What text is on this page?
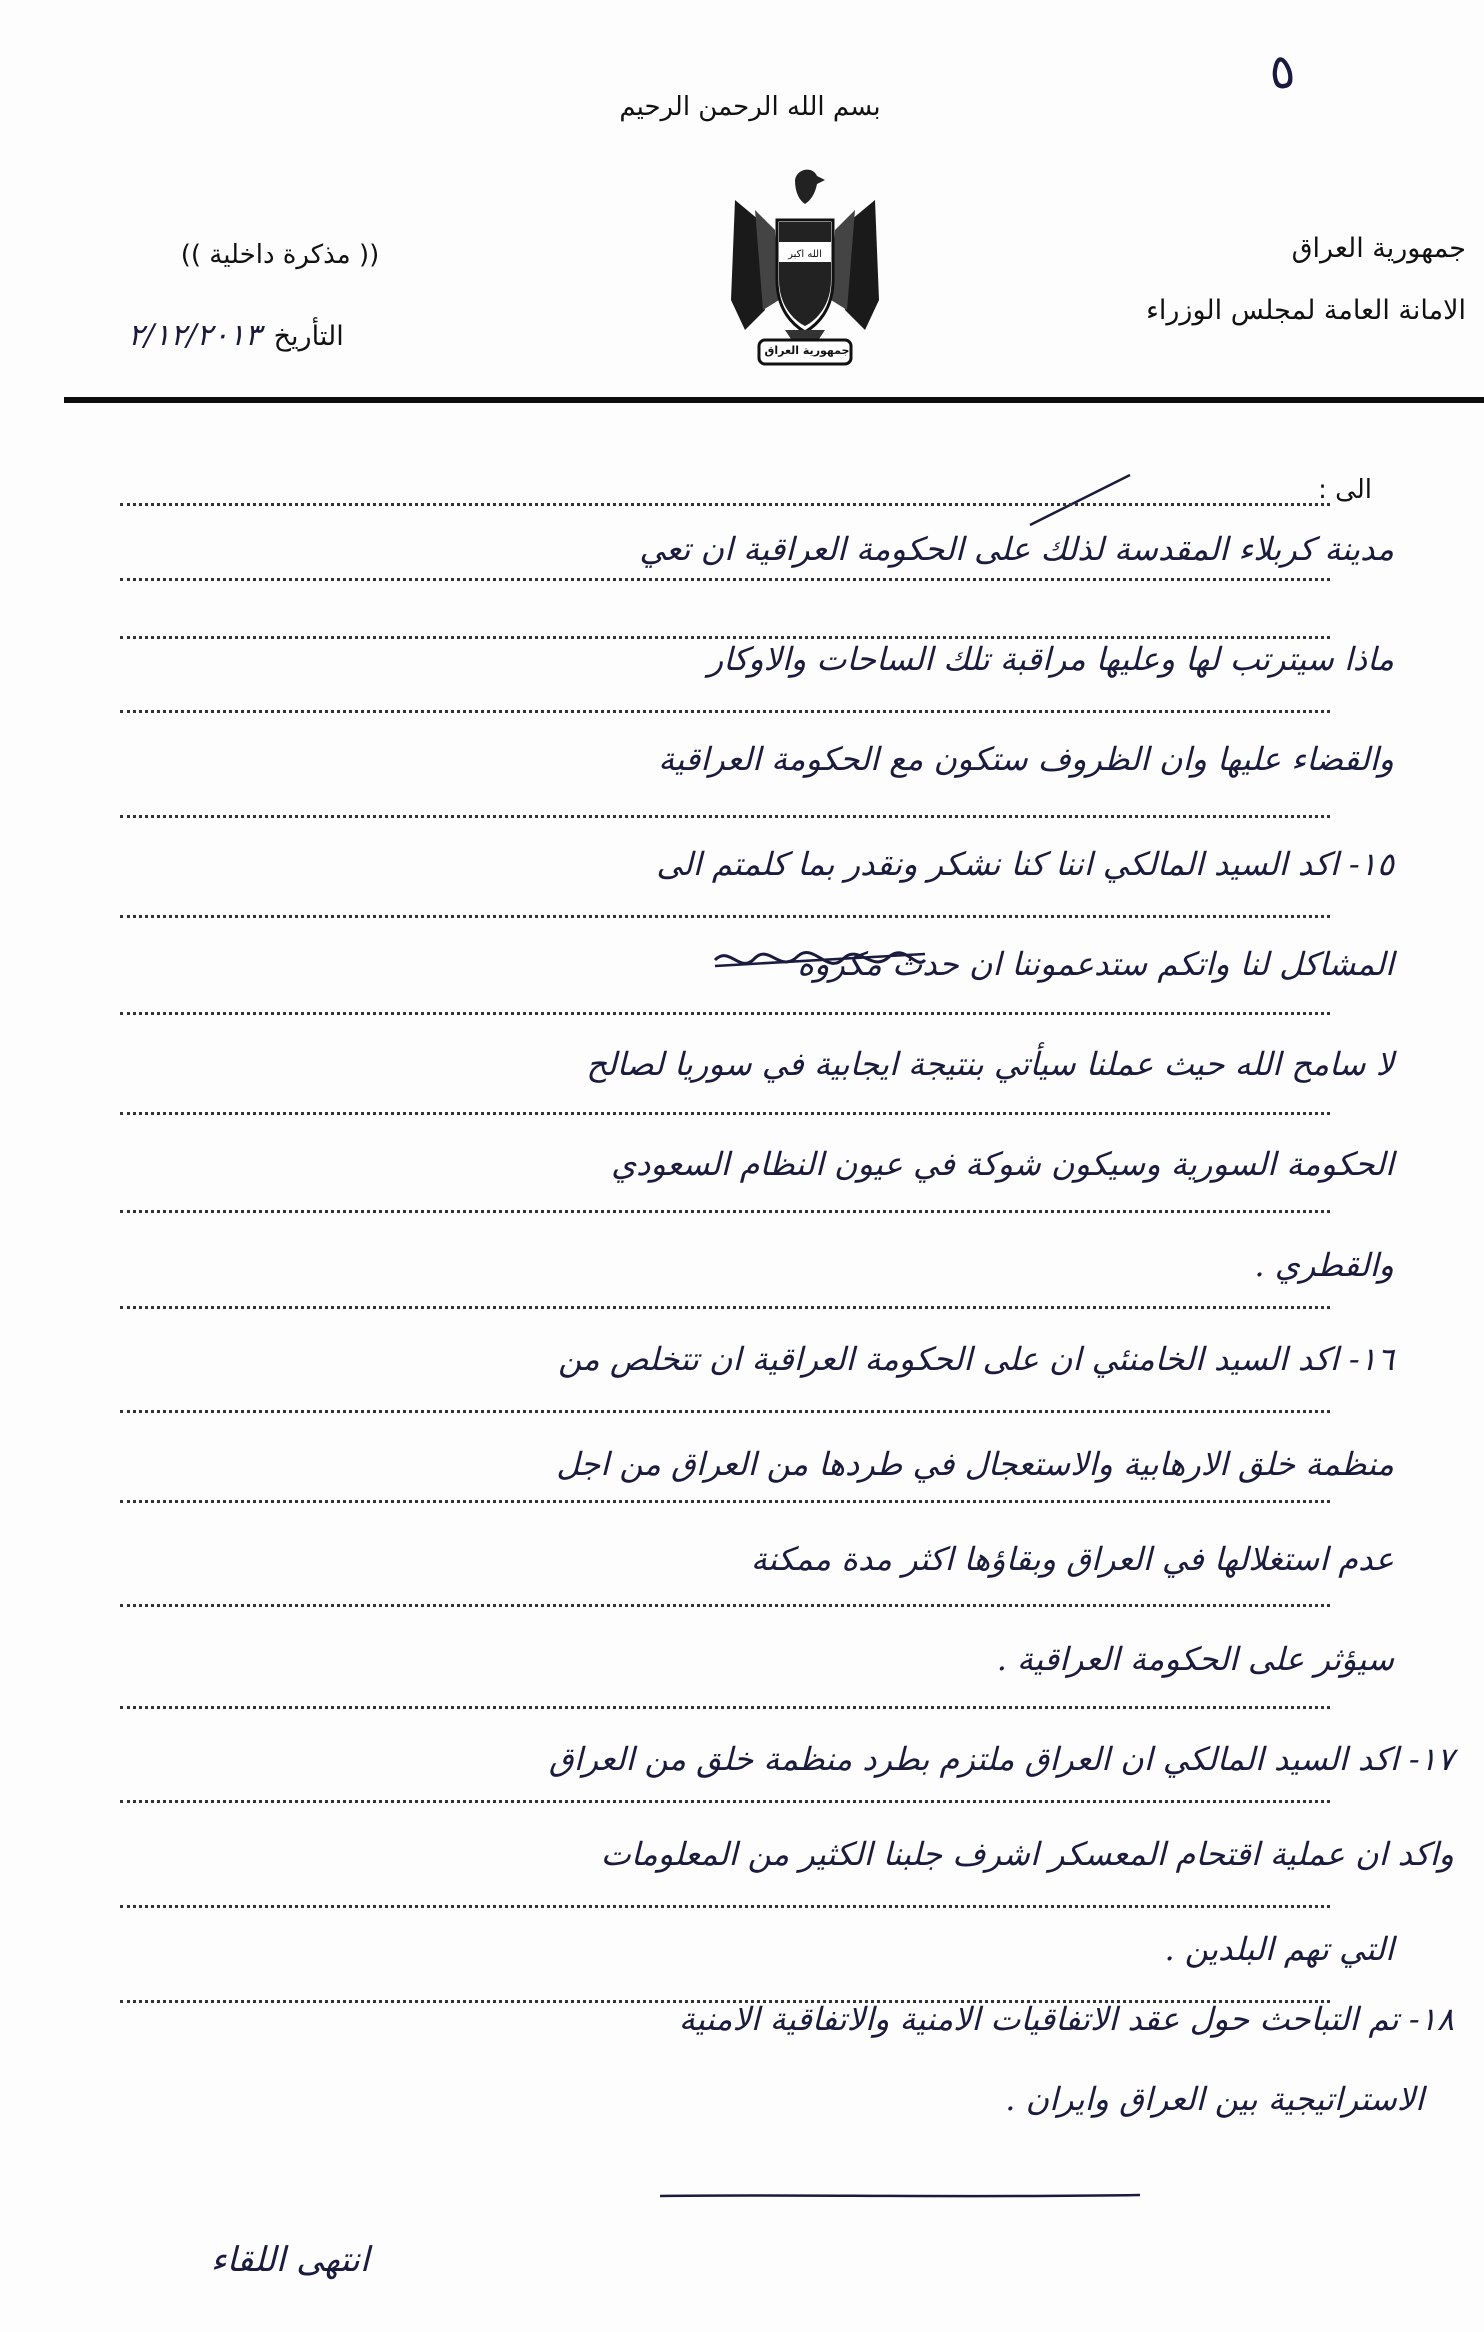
٥
بسم الله الرحمن الرحيم
الله اكبر
جمهورية العراق
جمهورية العراق
الامانة العامة لمجلس الوزراء
(( مذكرة داخلية ))
التأريخ ٢/١٢/٢٠١٣
الى :
مدينة كربلاء المقدسة لذلك على الحكومة العراقية ان تعي
ماذا سيترتب لها وعليها مراقبة تلك الساحات والاوكار
والقضاء عليها وان الظروف ستكون مع الحكومة العراقية
١٥- اكد السيد المالكي اننا كنا نشكر ونقدر بما كلمتم الى
المشاكل لنا واتكم ستدعموننا ان حدث مكروه
لا سامح الله حيث عملنا سيأتي بنتيجة ايجابية في سوريا لصالح
الحكومة السورية وسيكون شوكة في عيون النظام السعودي
والقطري .
١٦- اكد السيد الخامنئي ان على الحكومة العراقية ان تتخلص من
منظمة خلق الارهابية والاستعجال في طردها من العراق من اجل
عدم استغلالها في العراق وبقاؤها اكثر مدة ممكنة
سيؤثر على الحكومة العراقية .
١٧- اكد السيد المالكي ان العراق ملتزم بطرد منظمة خلق من العراق
واكد ان عملية اقتحام المعسكر اشرف جلبنا الكثير من المعلومات
التي تهم البلدين .
١٨- تم التباحث حول عقد الاتفاقيات الامنية والاتفاقية الامنية
الاستراتيجية بين العراق وايران .
انتهى اللقاء
